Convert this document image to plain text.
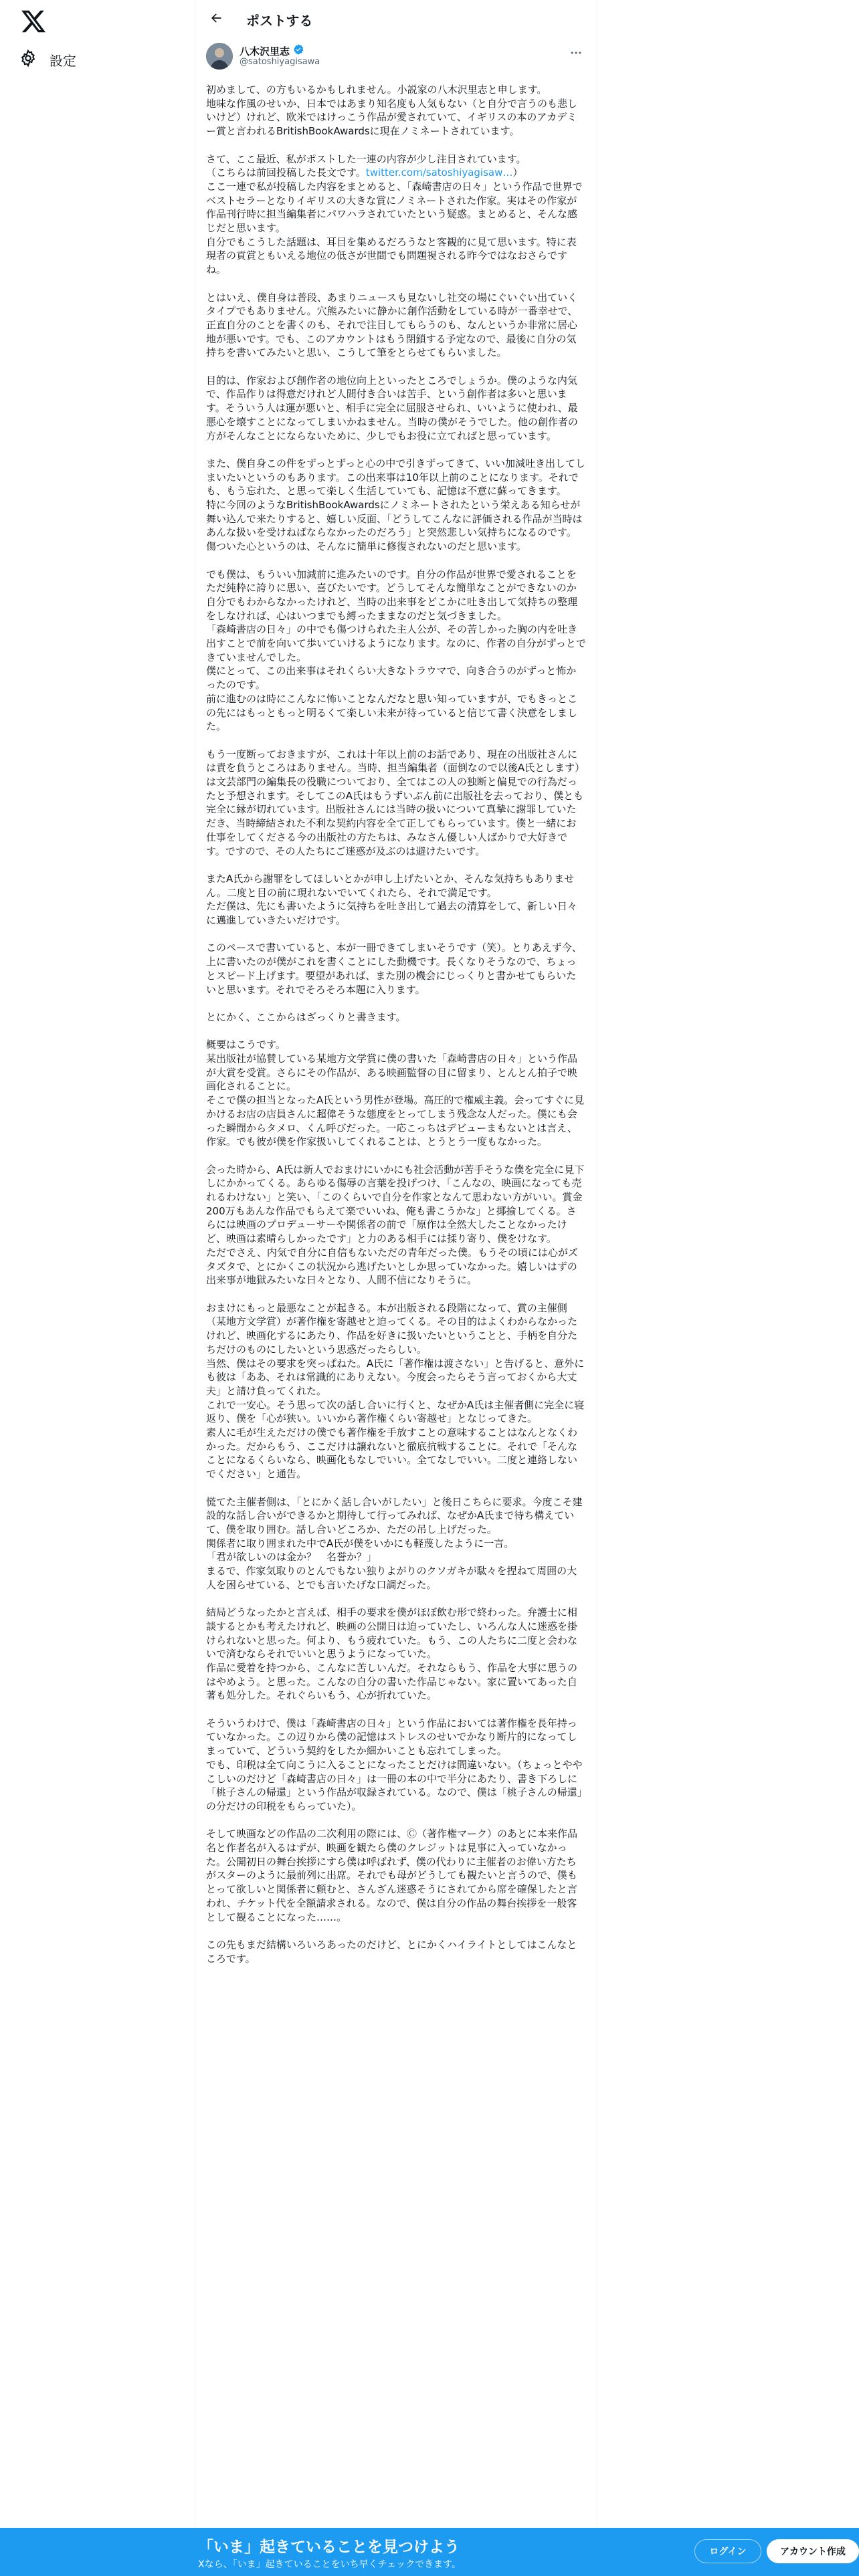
設定
ポストする
八木沢里志
@satoshiyagisawa

初めまして、の方もいるかもしれません。小説家の八木沢里志と申します。
地味な作風のせいか、日本ではあまり知名度も人気もない（と自分で言うのも悲しいけど）けれど、欧米ではけっこう作品が愛されていて、イギリスの本のアカデミー賞と言われるBritishBookAwardsに現在ノミネートされています。

さて、ここ最近、私がポストした一連の内容が少し注目されています。
（こちらは前回投稿した長文です。twitter.com/satoshiyagisaw…）

ここ一連で私が投稿した内容をまとめると、「森崎書店の日々」という作品で世界でベストセラーとなりイギリスの大きな賞にノミネートされた作家。実はその作家が作品刊行時に担当編集者にパワハラされていたという疑惑。まとめると、そんな感じだと思います。
自分でもこうした話題は、耳目を集めるだろうなと客観的に見て思います。特に表現者の貢賞ともいえる地位の低さが世間でも問題視される昨今ではなおさらですね。

とはいえ、僕自身は普段、あまりニュースも見ないし社交の場にぐいぐい出ていくタイプでもありません。穴熊みたいに静かに創作活動をしている時が一番幸せで、正直自分のことを書くのも、それで注目してもらうのも、なんというか非常に居心地が悪いです。でも、このアカウントはもう閉鎖する予定なので、最後に自分の気持ちを書いてみたいと思い、こうして筆をとらせてもらいました。

目的は、作家および創作者の地位向上といったところでしょうか。僕のような内気で、作品作りは得意だけれど人間付き合いは苦手、という創作者は多いと思います。そういう人は運が悪いと、相手に完全に屈服させられ、いいように使われ、最悪心を壊すことになってしまいかねません。当時の僕がそうでした。他の創作者の方がそんなことにならないために、少しでもお役に立てればと思っています。

また、僕自身この件をずっとずっと心の中で引きずってきて、いい加減吐き出してしまいたいというのもあります。この出来事は10年以上前のことになります。それでも、もう忘れた、と思って楽しく生活していても、記憶は不意に蘇ってきます。
特に今回のようなBritishBookAwardsにノミネートされたという栄えある知らせが舞い込んで来たりすると、嬉しい反面、「どうしてこんなに評価される作品が当時はあんな扱いを受けねばならなかったのだろう」と突然悲しい気持ちになるのです。傷ついた心というのは、そんなに簡単に修復されないのだと思います。

でも僕は、もういい加減前に進みたいのです。自分の作品が世界で愛されることをただ純粋に誇りに思い、喜びたいです。どうしてそんな簡単なことができないのか自分でもわからなかったけれど、当時の出来事をどこかに吐き出して気持ちの整理をしなければ、心はいつまでも縛ったままなのだと気づきました。
「森崎書店の日々」の中でも傷つけられた主人公が、その苦しかった胸の内を吐き出すことで前を向いて歩いていけるようになります。なのに、作者の自分がずっとできていませんでした。
僕にとって、この出来事はそれくらい大きなトラウマで、向き合うのがずっと怖かったのです。
前に進むのは時にこんなに怖いことなんだなと思い知っていますが、でもきっとこの先にはもっともっと明るくて楽しい未来が待っていると信じて書く決意をしました。

もう一度断っておきますが、これは十年以上前のお話であり、現在の出版社さんには責を負うところはありません。当時、担当編集者（面倒なので以後A氏とします）は文芸部門の編集長の役職についており、全てはこの人の独断と偏見での行為だったと予想されます。そしてこのA氏はもうずいぶん前に出版社を去っており、僕とも完全に縁が切れています。出版社さんには当時の扱いについて真摯に謝罪していただき、当時締結された不利な契約内容を全て正してもらっています。僕と一緒にお仕事をしてくださる今の出版社の方たちは、みなさん優しい人ばかりで大好きです。ですので、その人たちにご迷惑が及ぶのは避けたいです。

またA氏から謝罪をしてほしいとかが申し上げたいとか、そんな気持ちもありません。二度と目の前に現れないでいてくれたら、それで満足です。
ただ僕は、先にも書いたように気持ちを吐き出して過去の清算をして、新しい日々に邁進していきたいだけです。

このペースで書いていると、本が一冊できてしまいそうです（笑）。とりあえず今、上に書いたのが僕がこれを書くことにした動機です。長くなりそうなので、ちょっとスピード上げます。要望があれば、また別の機会にじっくりと書かせてもらいたいと思います。それでそろそろ本題に入ります。

とにかく、ここからはざっくりと書きます。

概要はこうです。
某出版社が協賛している某地方文学賞に僕の書いた「森崎書店の日々」という作品が大賞を受賞。さらにその作品が、ある映画監督の目に留まり、とんとん拍子で映画化されることに。
そこで僕の担当となったA氏という男性が登場。高圧的で権威主義。会ってすぐに見かけるお店の店員さんに超偉そうな態度をとってしまう残念な人だった。僕にも会った瞬間からタメロ、くん呼びだった。一応こっちはデビューまもないとは言え、作家。でも彼が僕を作家扱いしてくれることは、とうとう一度もなかった。

会った時から、A氏は新人でおまけにいかにも社会活動が苦手そうな僕を完全に見下しにかかってくる。あらゆる傷辱の言葉を投げつけ、「こんなの、映画になっても売れるわけない」と笑い、「このくらいで自分を作家となんて思わない方がいい。賞金200万もあんな作品でもらえて楽でいいね、俺も書こうかな」と揶揄してくる。さらには映画のプロデューサーや関係者の前で「原作は全然大したことなかったけど、映画は素晴らしかったです」と力のある相手には揉り寄り、僕をけなす。
ただでさえ、内気で自分に自信もないただの青年だった僕。もうその頃には心がズタズタで、とにかくこの状況から逃げたいとしか思っていなかった。嬉しいはずの出来事が地獄みたいな日々となり、人間不信になりそうに。

おまけにもっと最悪なことが起きる。本が出版される段階になって、賞の主催側（某地方文学賞）が著作権を寄越せと迫ってくる。その目的はよくわからなかったけれど、映画化するにあたり、作品を好きに扱いたいということと、手柄を自分たちだけのものにしたいという思惑だったらしい。
当然、僕はその要求を突っぱねた。A氏に「著作権は渡さない」と告げると、意外にも彼は「ああ、それは常識的にありえない。今度会ったらそう言っておくから大丈夫」と請け負ってくれた。
これで一安心。そう思って次の話し合いに行くと、なぜかA氏は主催者側に完全に寝返り、僕を「心が狭い。いいから著作権くらい寄越せ」となじってきた。
素人に毛が生えただけの僕でも著作権を手放すことの意味することはなんとなくわかった。だからもう、ここだけは譲れないと徹底抗戦することに。それで「そんなことになるくらいなら、映画化もなしでいい。全てなしでいい。二度と連絡しないでください」と通告。

慌てた主催者側は、「とにかく話し合いがしたい」と後日こちらに要求。今度こそ建設的な話し合いができるかと期待して行ってみれば、なぜかA氏まで待ち構えていて、僕を取り囲む。話し合いどころか、ただの吊し上げだった。
関係者に取り囲まれた中でA氏が僕をいかにも軽蔑したように一言。
「君が欲しいのは金か？　名誉か？」
まるで、作家気取りのとんでもない独りよがりのクソガキが駄々を捏ねて周囲の大人を困らせている、とでも言いたげな口調だった。

結局どうなったかと言えば、相手の要求を僕がほぼ飲む形で終わった。弁護士に相談するとかも考えたけれど、映画の公開日は迫っていたし、いろんな人に迷惑を掛けられないと思った。何より、もう疲れていた。もう、この人たちに二度と会わないで済むならそれでいいと思うようになっていた。
作品に愛着を持つから、こんなに苦しいんだ。それならもう、作品を大事に思うのはやめよう。と思った。こんなの自分の書いた作品じゃない。家に置いてあった自著も処分した。それぐらいもう、心が折れていた。

そういうわけで、僕は「森崎書店の日々」という作品においては著作権を長年持っていなかった。この辺りから僕の記憶はストレスのせいでかなり断片的になってしまっていて、どういう契約をしたか細かいことも忘れてしまった。
でも、印税は全て向こうに入ることになったことだけは間違いない。（ちょっとややこしいのだけど「森崎書店の日々」は一冊の本の中で半分にあたり、書き下ろしに「桃子さんの帰還」という作品が収録されている。なので、僕は「桃子さんの帰還」の分だけの印税をもらっていた）。

そして映画などの作品の二次利用の際には、Ⓒ（著作権マーク）のあとに本来作品名と作者名が入るはずが、映画を観たら僕のクレジットは見事に入っていなかった。公開初日の舞台挨拶にすら僕は呼ばれず、僕の代わりに主催者のお偉い方たちがスターのように最前列に出席。それでも母がどうしても観たいと言うので、僕もとって欲しいと関係者に頼むと、さんざん迷惑そうにされてから席を確保したと言われ、チケット代を全額請求される。なので、僕は自分の作品の舞台挨拶を一般客として観ることになった……。

この先もまだ結構いろいろあったのだけど、とにかくハイライトとしてはこんなところです。

「いま」起きていることを見つけよう
Xなら、「いま」起きていることをいち早くチェックできます。
ログイン	アカウント作成
